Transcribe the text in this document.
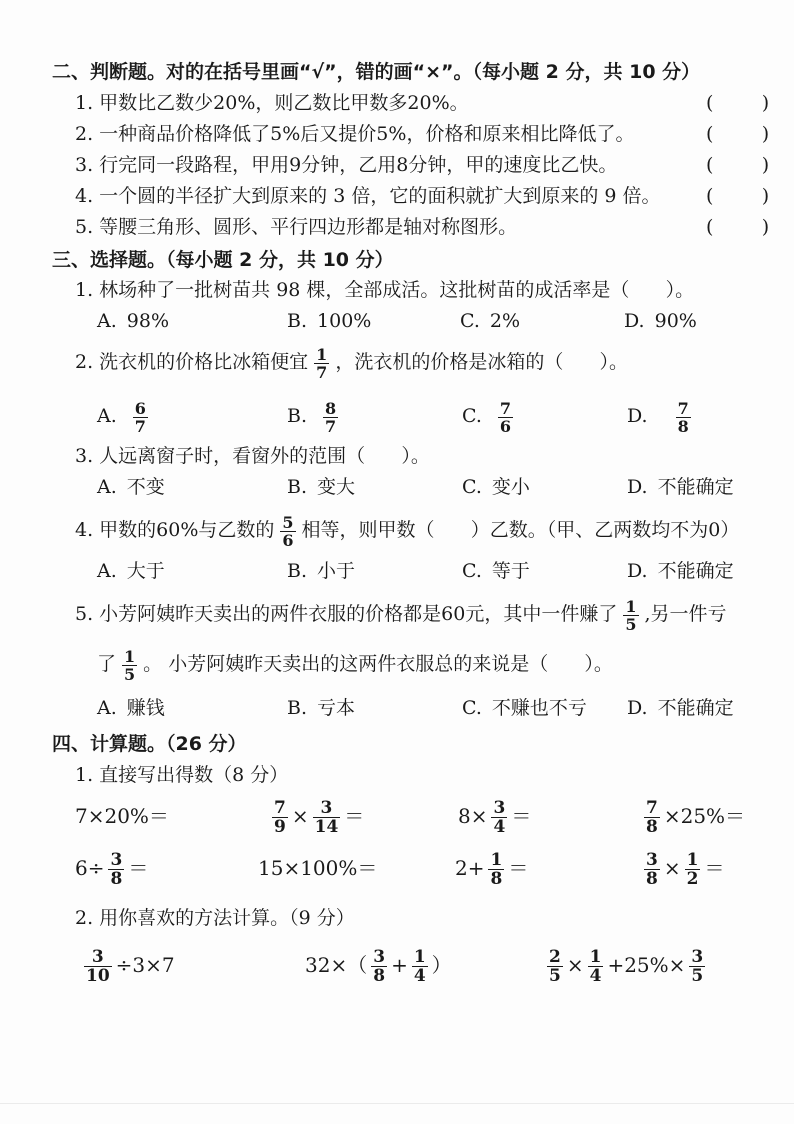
二、判断题。对的在括号里画“√”，错的画“×”。（每小题 2 分，共 10 分）
1. 甲数比乙数少20%，则乙数比甲数多20%。	(        )
2. 一种商品价格降低了5%后又提价5%，价格和原来相比降低了。	(        )
3. 行完同一段路程，甲用9分钟，乙用8分钟，甲的速度比乙快。	(        )
4. 一个圆的半径扩大到原来的 3 倍，它的面积就扩大到原来的 9 倍。 (        )
5. 等腰三角形、圆形、平行四边形都是轴对称图形。	(        )
三、选择题。（每小题 2 分，共 10 分）
1. 林场种了一批树苗共 98 棵，全部成活。这批树苗的成活率是（      ）。
A. 98%	B. 100%	C. 2%	D. 90%
2. 洗衣机的价格比冰箱便宜 $\frac{1}{7}$ ，洗衣机的价格是冰箱的（      ）。
A. $\frac{6}{7}$	B. $\frac{8}{7}$	C. $\frac{7}{6}$	D. $\frac{7}{8}$
3. 人远离窗子时，看窗外的范围（      ）。
A. 不变	B. 变大	C. 变小	D. 不能确定
4. 甲数的60%与乙数的 $\frac{5}{6}$ 相等，则甲数（      ）乙数。（甲、乙两数均不为0）
A. 大于	B. 小于	C. 等于	D. 不能确定
5. 小芳阿姨昨天卖出的两件衣服的价格都是60元，其中一件赚了 $\frac{1}{5}$ ,另一件亏
了 $\frac{1}{5}$ 。 小芳阿姨昨天卖出的这两件衣服总的来说是（      ）。
A. 赚钱	B. 亏本	C. 不赚也不亏 D. 不能确定
四、计算题。（26 分）
1. 直接写出得数（8 分）
7×20%＝	$\frac{7}{9} \times \frac{3}{14}$ ＝	$8\times \frac{3}{4}$ ＝	$\frac{7}{8} \times 25\%=$
$6\div \frac{3}{8}$ ＝	15×100%＝	$2+ \frac{1}{8}$ ＝	$\frac{3}{8} \times \frac{1}{2}$ ＝
2. 用你喜欢的方法计算。（9 分）
$\frac{3}{10} \div 3\times 7$	$32\times( \frac{3}{8} + \frac{1}{4}$ ）	$\frac{2}{5} \times \frac{1}{4} +25\%\times \frac{3}{5}$
